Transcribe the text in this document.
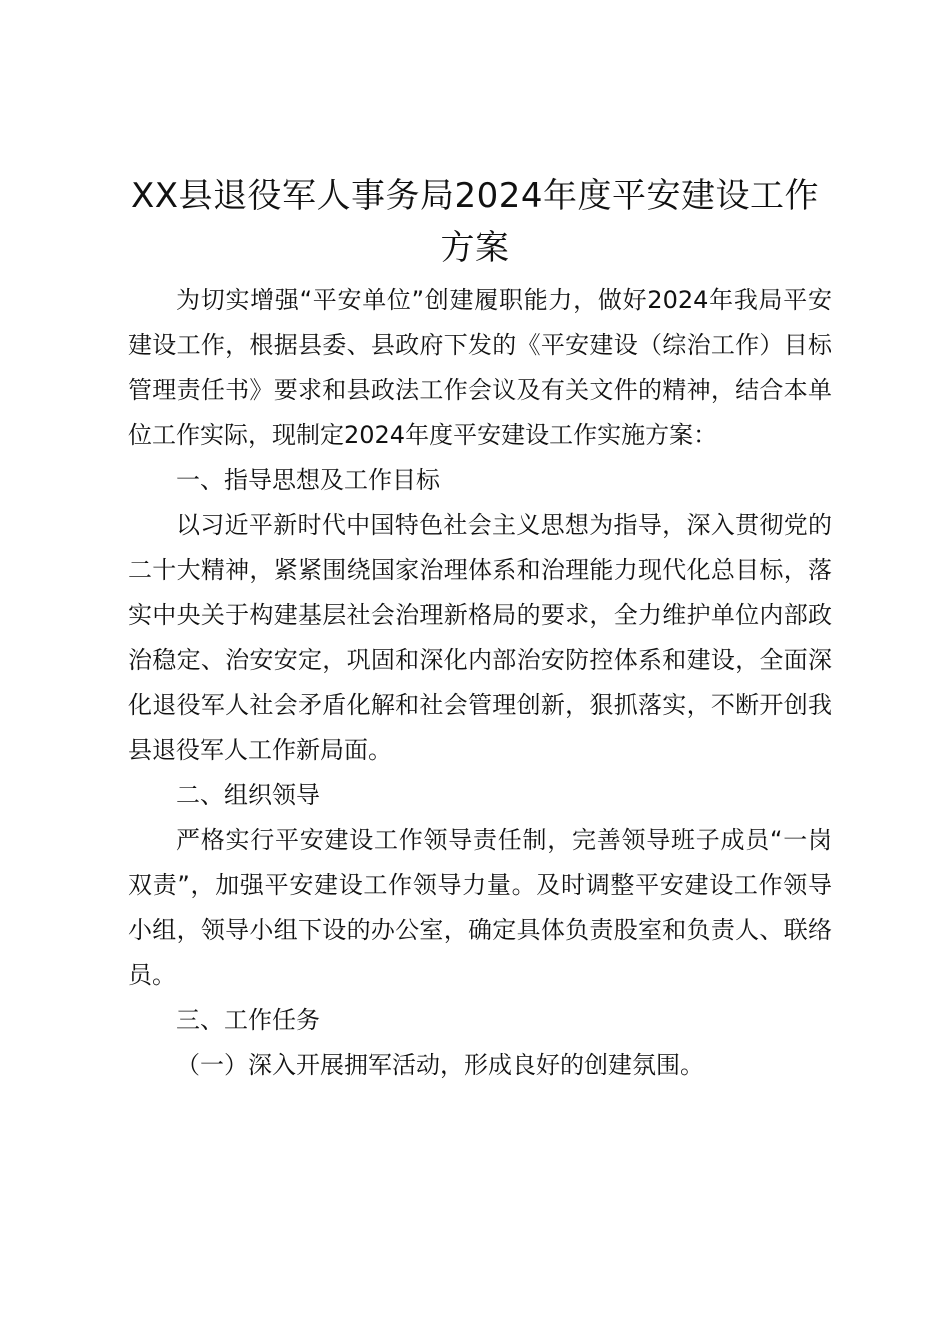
XX县退役军人事务局2024年度平安建设工作方案

为切实增强“平安单位”创建履职能力，做好2024年我局平安建设工作，根据县委、县政府下发的《平安建设（综治工作）目标管理责任书》要求和县政法工作会议及有关文件的精神，结合本单位工作实际，现制定2024年度平安建设工作实施方案：

一、指导思想及工作目标

以习近平新时代中国特色社会主义思想为指导，深入贯彻党的二十大精神，紧紧围绕国家治理体系和治理能力现代化总目标，落实中央关于构建基层社会治理新格局的要求，全力维护单位内部政治稳定、治安安定，巩固和深化内部治安防控体系和建设，全面深化退役军人社会矛盾化解和社会管理创新，狠抓落实，不断开创我县退役军人工作新局面。

二、组织领导

严格实行平安建设工作领导责任制，完善领导班子成员“一岗双责”，加强平安建设工作领导力量。及时调整平安建设工作领导小组，领导小组下设的办公室，确定具体负责股室和负责人、联络员。

三、工作任务

（一）深入开展拥军活动，形成良好的创建氛围。
